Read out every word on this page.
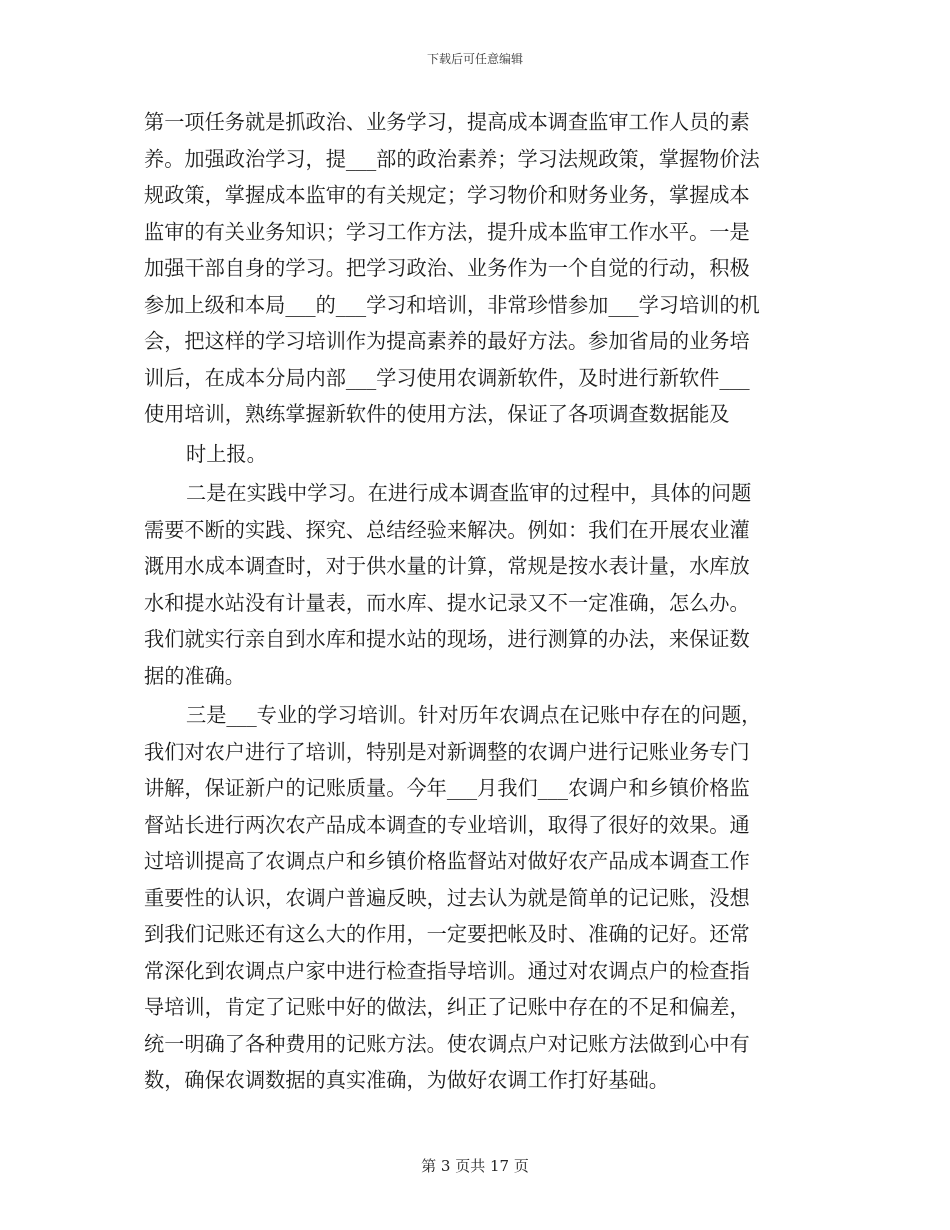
下载后可任意编辑
第一项任务就是抓政治、业务学习，提高成本调查监审工作人员的素
养。加强政治学习，提___部的政治素养；学习法规政策，掌握物价法
规政策，掌握成本监审的有关规定；学习物价和财务业务，掌握成本
监审的有关业务知识；学习工作方法，提升成本监审工作水平。一是
加强干部自身的学习。把学习政治、业务作为一个自觉的行动，积极
参加上级和本局___的___学习和培训，非常珍惜参加___学习培训的机
会，把这样的学习培训作为提高素养的最好方法。参加省局的业务培
训后，在成本分局内部___学习使用农调新软件，及时进行新软件___
使用培训，熟练掌握新软件的使用方法，保证了各项调查数据能及
时上报。
二是在实践中学习。在进行成本调查监审的过程中，具体的问题
需要不断的实践、探究、总结经验来解决。例如：我们在开展农业灌
溉用水成本调查时，对于供水量的计算，常规是按水表计量，水库放
水和提水站没有计量表，而水库、提水记录又不一定准确，怎么办。
我们就实行亲自到水库和提水站的现场，进行测算的办法，来保证数
据的准确。
三是___专业的学习培训。针对历年农调点在记账中存在的问题，
我们对农户进行了培训，特别是对新调整的农调户进行记账业务专门
讲解，保证新户的记账质量。今年___月我们___农调户和乡镇价格监
督站长进行两次农产品成本调查的专业培训，取得了很好的效果。通
过培训提高了农调点户和乡镇价格监督站对做好农产品成本调查工作
重要性的认识，农调户普遍反映，过去认为就是简单的记记账，没想
到我们记账还有这么大的作用，一定要把帐及时、准确的记好。还常
常深化到农调点户家中进行检查指导培训。通过对农调点户的检查指
导培训，肯定了记账中好的做法，纠正了记账中存在的不足和偏差，
统一明确了各种费用的记账方法。使农调点户对记账方法做到心中有
数，确保农调数据的真实准确，为做好农调工作打好基础。
第 3 页共 17 页
